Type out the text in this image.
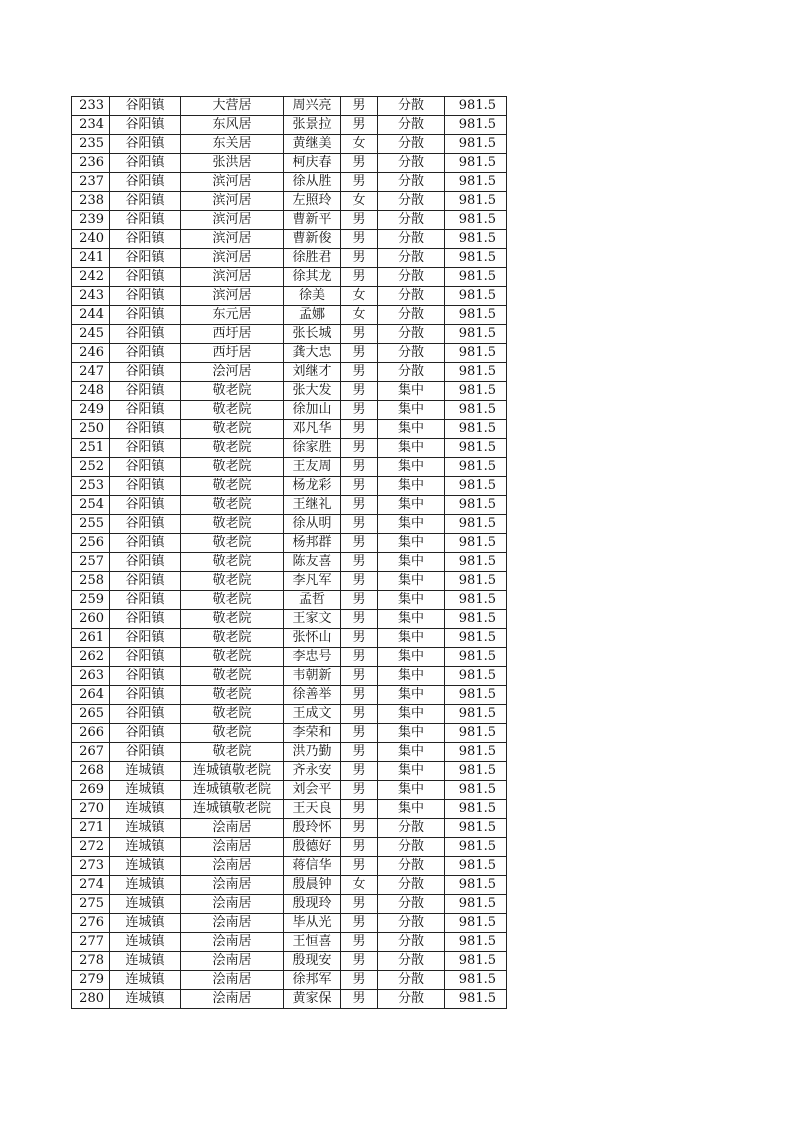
233	谷阳镇	大营居	周兴亮	男	分散	981.5
234	谷阳镇	东风居	张景拉	男	分散	981.5
235	谷阳镇	东关居	黄继美	女	分散	981.5
236	谷阳镇	张洪居	柯庆春	男	分散	981.5
237	谷阳镇	滨河居	徐从胜	男	分散	981.5
238	谷阳镇	滨河居	左照玲	女	分散	981.5
239	谷阳镇	滨河居	曹新平	男	分散	981.5
240	谷阳镇	滨河居	曹新俊	男	分散	981.5
241	谷阳镇	滨河居	徐胜君	男	分散	981.5
242	谷阳镇	滨河居	徐其龙	男	分散	981.5
243	谷阳镇	滨河居	徐美	女	分散	981.5
244	谷阳镇	东元居	孟娜	女	分散	981.5
245	谷阳镇	西圩居	张长城	男	分散	981.5
246	谷阳镇	西圩居	龚大忠	男	分散	981.5
247	谷阳镇	浍河居	刘继才	男	分散	981.5
248	谷阳镇	敬老院	张大发	男	集中	981.5
249	谷阳镇	敬老院	徐加山	男	集中	981.5
250	谷阳镇	敬老院	邓凡华	男	集中	981.5
251	谷阳镇	敬老院	徐家胜	男	集中	981.5
252	谷阳镇	敬老院	王友周	男	集中	981.5
253	谷阳镇	敬老院	杨龙彩	男	集中	981.5
254	谷阳镇	敬老院	王继礼	男	集中	981.5
255	谷阳镇	敬老院	徐从明	男	集中	981.5
256	谷阳镇	敬老院	杨邦群	男	集中	981.5
257	谷阳镇	敬老院	陈友喜	男	集中	981.5
258	谷阳镇	敬老院	李凡军	男	集中	981.5
259	谷阳镇	敬老院	孟哲	男	集中	981.5
260	谷阳镇	敬老院	王家文	男	集中	981.5
261	谷阳镇	敬老院	张怀山	男	集中	981.5
262	谷阳镇	敬老院	李忠号	男	集中	981.5
263	谷阳镇	敬老院	韦朝新	男	集中	981.5
264	谷阳镇	敬老院	徐善举	男	集中	981.5
265	谷阳镇	敬老院	王成文	男	集中	981.5
266	谷阳镇	敬老院	李荣和	男	集中	981.5
267	谷阳镇	敬老院	洪乃勤	男	集中	981.5
268	连城镇	连城镇敬老院	齐永安	男	集中	981.5
269	连城镇	连城镇敬老院	刘会平	男	集中	981.5
270	连城镇	连城镇敬老院	王天良	男	集中	981.5
271	连城镇	浍南居	殷玲怀	男	分散	981.5
272	连城镇	浍南居	殷德好	男	分散	981.5
273	连城镇	浍南居	蒋信华	男	分散	981.5
274	连城镇	浍南居	殷晨钟	女	分散	981.5
275	连城镇	浍南居	殷现玲	男	分散	981.5
276	连城镇	浍南居	毕从光	男	分散	981.5
277	连城镇	浍南居	王恒喜	男	分散	981.5
278	连城镇	浍南居	殷现安	男	分散	981.5
279	连城镇	浍南居	徐邦军	男	分散	981.5
280	连城镇	浍南居	黄家保	男	分散	981.5
